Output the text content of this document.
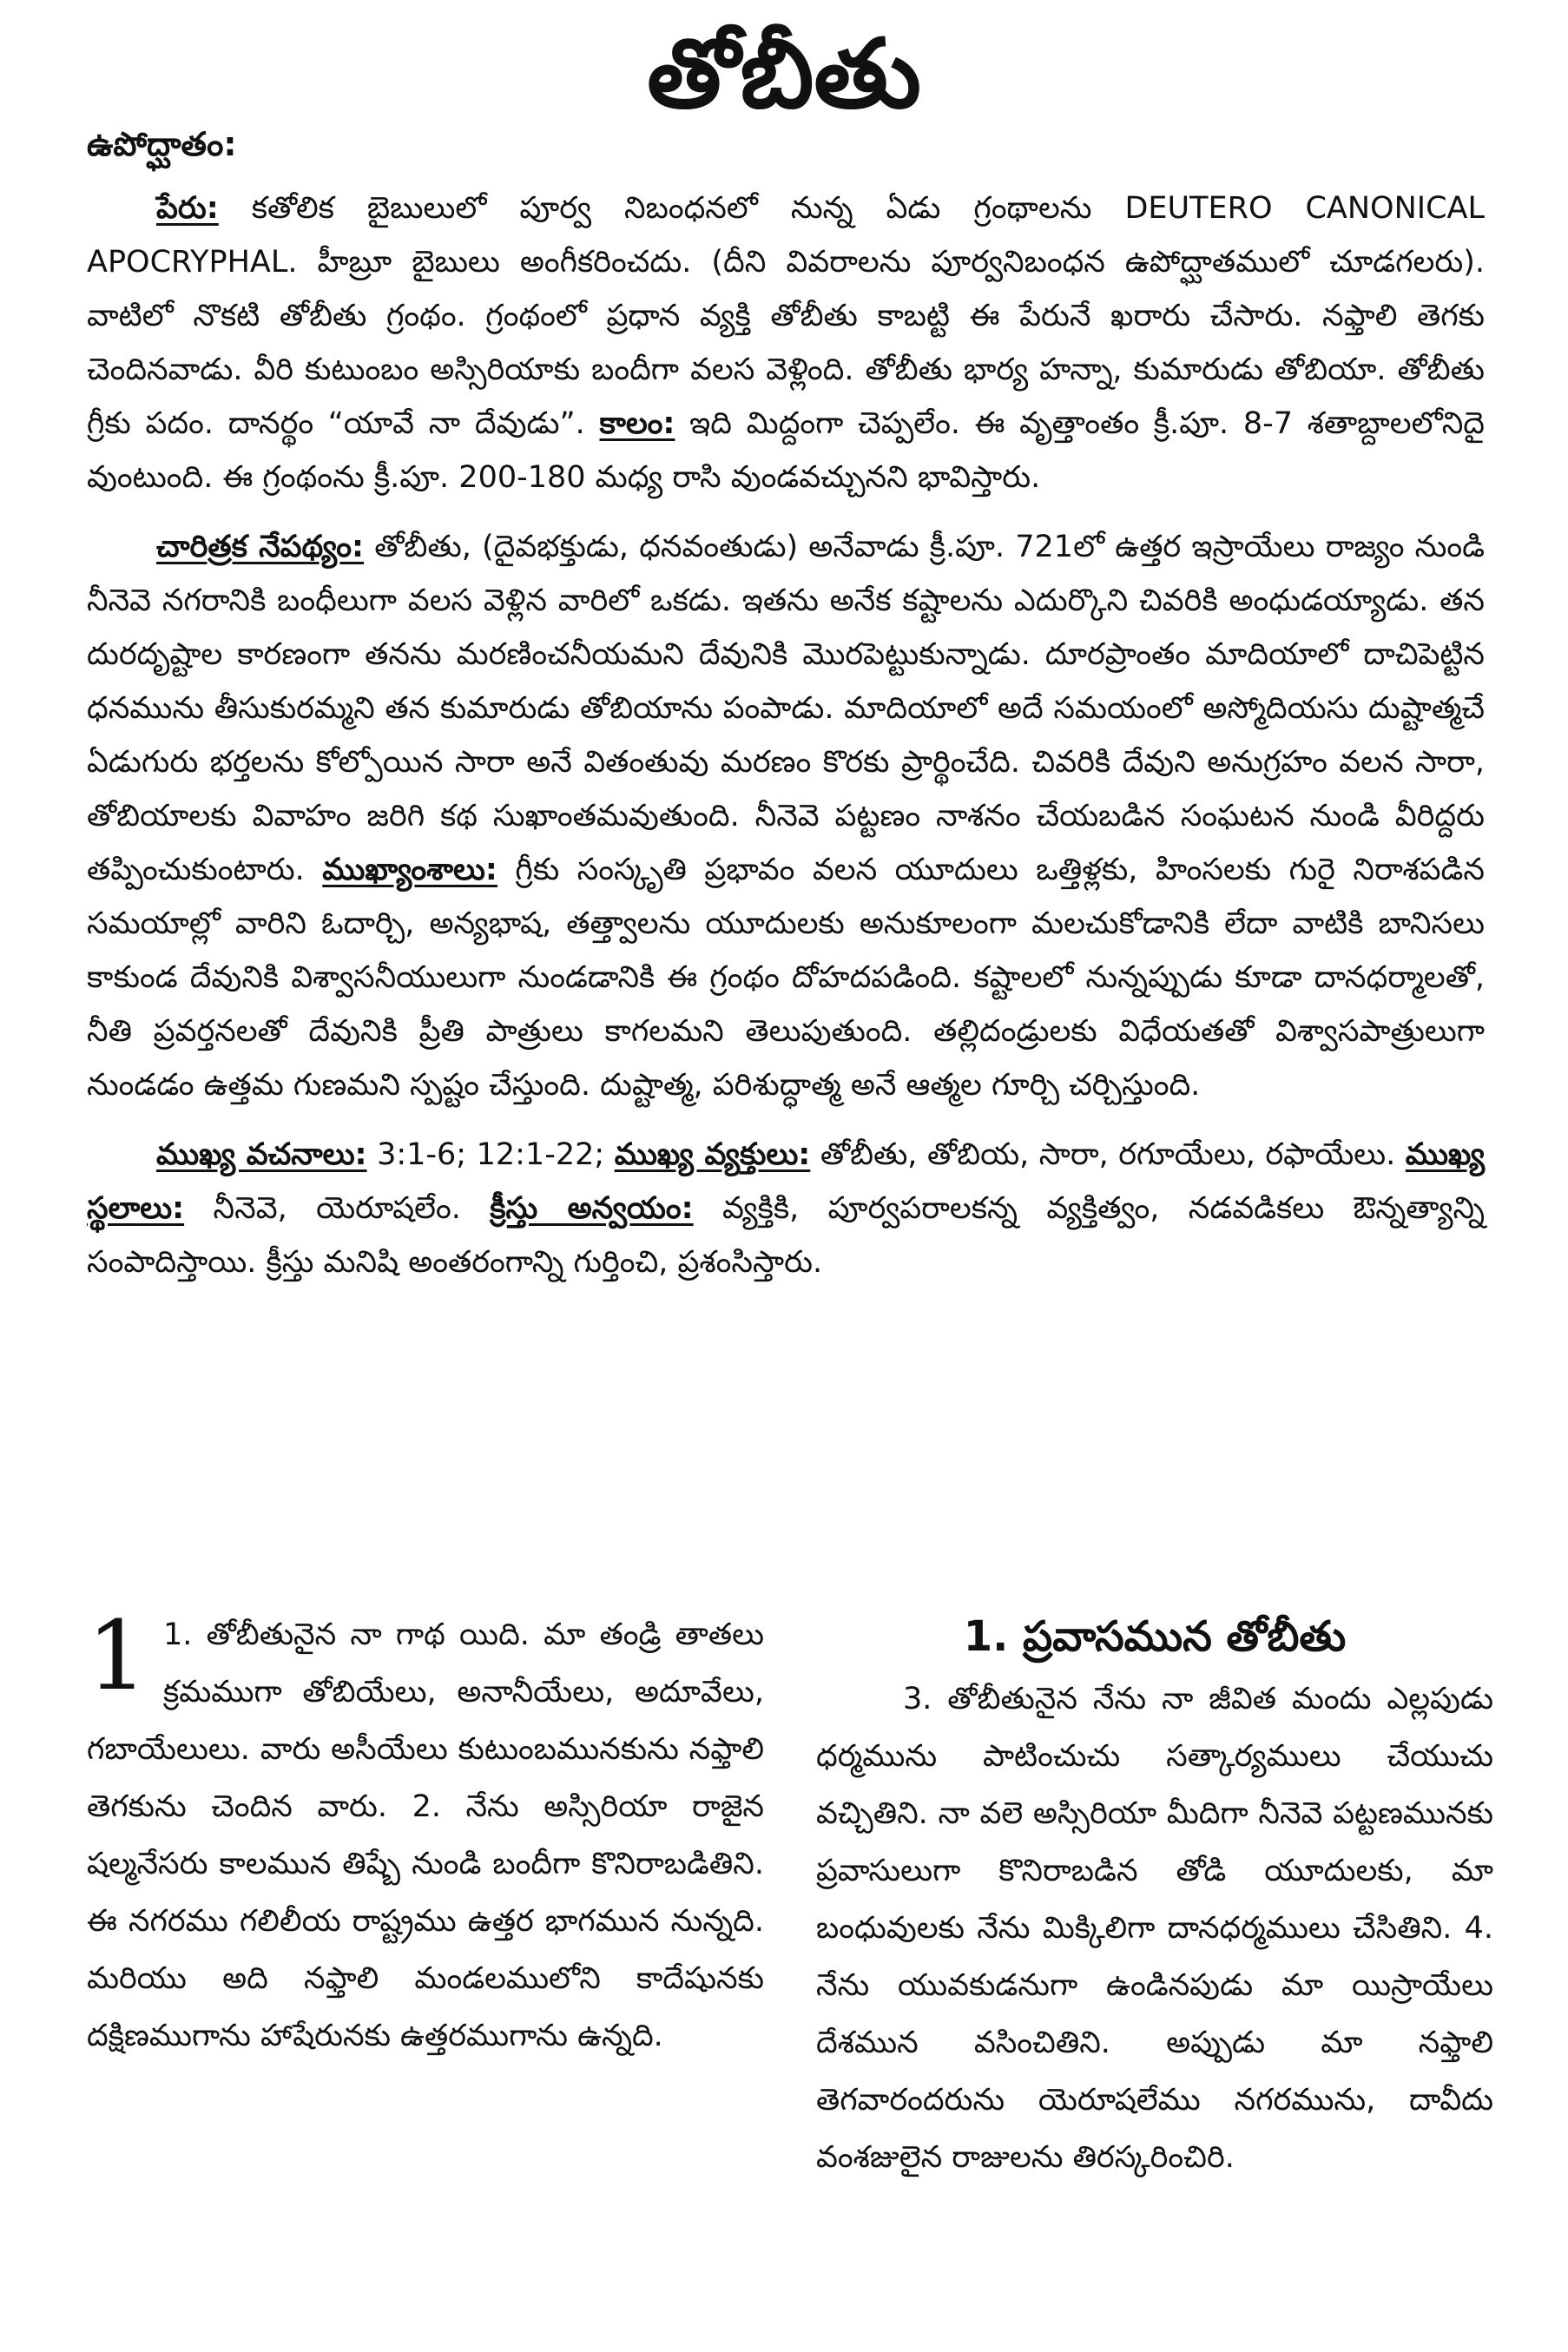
తోబీతు
ఉపోద్ఘాతం:

పేరు: కతోలిక బైబులులో పూర్వ నిబంధనలో నున్న ఏడు గ్రంథాలను DEUTERO CANONICAL APOCRYPHAL. హీబ్రూ బైబులు అంగీకరించదు. (దీని వివరాలను పూర్వనిబంధన ఉపోద్ఘాతములో చూడగలరు). వాటిలో నొకటి తోబీతు గ్రంథం. గ్రంథంలో ప్రధాన వ్యక్తి తోబీతు కాబట్టి ఈ పేరునే ఖరారు చేసారు. నఫ్తాలి తెగకు చెందినవాడు. వీరి కుటుంబం అస్సిరియాకు బందీగా వలస వెళ్లింది. తోబీతు భార్య హన్నా, కుమారుడు తోబియా. తోబీతు గ్రీకు పదం. దానర్థం “యావే నా దేవుడు”. కాలం: ఇది మిద్దంగా చెప్పలేం. ఈ వృత్తాంతం క్రీ.పూ. 8-7 శతాబ్దాలలోనిదై వుంటుంది. ఈ గ్రంథంను క్రీ.పూ. 200-180 మధ్య రాసి వుండవచ్చునని భావిస్తారు.

చారిత్రక నేపథ్యం: తోబీతు, (దైవభక్తుడు, ధనవంతుడు) అనేవాడు క్రీ.పూ. 721లో ఉత్తర ఇస్రాయేలు రాజ్యం నుండి నీనెవె నగరానికి బంధీలుగా వలస వెళ్లిన వారిలో ఒకడు. ఇతను అనేక కష్టాలను ఎదుర్కొని చివరికి అంధుడయ్యాడు. తన దురదృష్టాల కారణంగా తనను మరణించనీయమని దేవునికి మొరపెట్టుకున్నాడు. దూరప్రాంతం మాదియాలో దాచిపెట్టిన ధనమును తీసుకురమ్మని తన కుమారుడు తోబియాను పంపాడు. మాదియాలో అదే సమయంలో అస్మోదియసు దుష్టాత్మచే ఏడుగురు భర్తలను కోల్పోయిన సారా అనే వితంతువు మరణం కొరకు ప్రార్థించేది. చివరికి దేవుని అనుగ్రహం వలన సారా, తోబియాలకు వివాహం జరిగి కథ సుఖాంతమవుతుంది. నీనెవె పట్టణం నాశనం చేయబడిన సంఘటన నుండి వీరిద్దరు తప్పించుకుంటారు. ముఖ్యాంశాలు: గ్రీకు సంస్కృతి ప్రభావం వలన యూదులు ఒత్తిళ్లకు, హింసలకు గురై నిరాశపడిన సమయాల్లో వారిని ఓదార్చి, అన్యభాష, తత్త్వాలను యూదులకు అనుకూలంగా మలచుకోడానికి లేదా వాటికి బానిసలు కాకుండ దేవునికి విశ్వాసనీయులుగా నుండడానికి ఈ గ్రంథం దోహదపడింది. కష్టాలలో నున్నప్పుడు కూడా దానధర్మాలతో, నీతి ప్రవర్తనలతో దేవునికి ప్రీతి పాత్రులు కాగలమని తెలుపుతుంది. తల్లిదండ్రులకు విధేయతతో విశ్వాసపాత్రులుగా నుండడం ఉత్తమ గుణమని స్పష్టం చేస్తుంది. దుష్టాత్మ, పరిశుద్ధాత్మ అనే ఆత్మల గూర్చి చర్చిస్తుంది.

ముఖ్య వచనాలు: 3:1-6; 12:1-22; ముఖ్య వ్యక్తులు: తోబీతు, తోబియ, సారా, రగూయేలు, రఫాయేలు. ముఖ్య స్థలాలు: నీనెవె, యెరూషలేం. క్రీస్తు అన్వయం: వ్యక్తికి, పూర్వపరాలకన్న వ్యక్తిత్వం, నడవడికలు ఔన్నత్యాన్ని సంపాదిస్తాయి. క్రీస్తు మనిషి అంతరంగాన్ని గుర్తించి, ప్రశంసిస్తారు.

1 1. తోబీతునైన నా గాథ యిది. మా తండ్రి తాతలు క్రమముగా తోబియేలు, అనానీయేలు, అదూవేలు, గబాయేలులు. వారు అసీయేలు కుటుంబమునకును నఫ్తాలి తెగకును చెందిన వారు. 2. నేను అస్సిరియా రాజైన షల్మనేసరు కాలమున తిష్బే నుండి బందీగా కొనిరాబడితిని. ఈ నగరము గలిలీయ రాష్ట్రము ఉత్తర భాగమున నున్నది. మరియు అది నఫ్తాలి మండలములోని కాదేషునకు దక్షిణముగాను హాషేరునకు ఉత్తరముగాను ఉన్నది.
1. ప్రవాసమున తోబీతు

3. తోబీతునైన నేను నా జీవిత మందు ఎల్లపుడు ధర్మమును పాటించుచు సత్కార్యములు చేయుచు వచ్చితిని. నా వలె అస్సిరియా మీదిగా నీనెవె పట్టణమునకు ప్రవాసులుగా కొనిరాబడిన తోడి యూదులకు, మా బంధువులకు నేను మిక్కిలిగా దానధర్మములు చేసితిని. 4. నేను యువకుడనుగా ఉండినపుడు మా యిస్రాయేలు దేశమున వసించితిని. అప్పుడు మా నఫ్తాలి తెగవారందరును యెరూషలేము నగరమును, దావీదు వంశజులైన రాజులను తిరస్కరించిరి.
